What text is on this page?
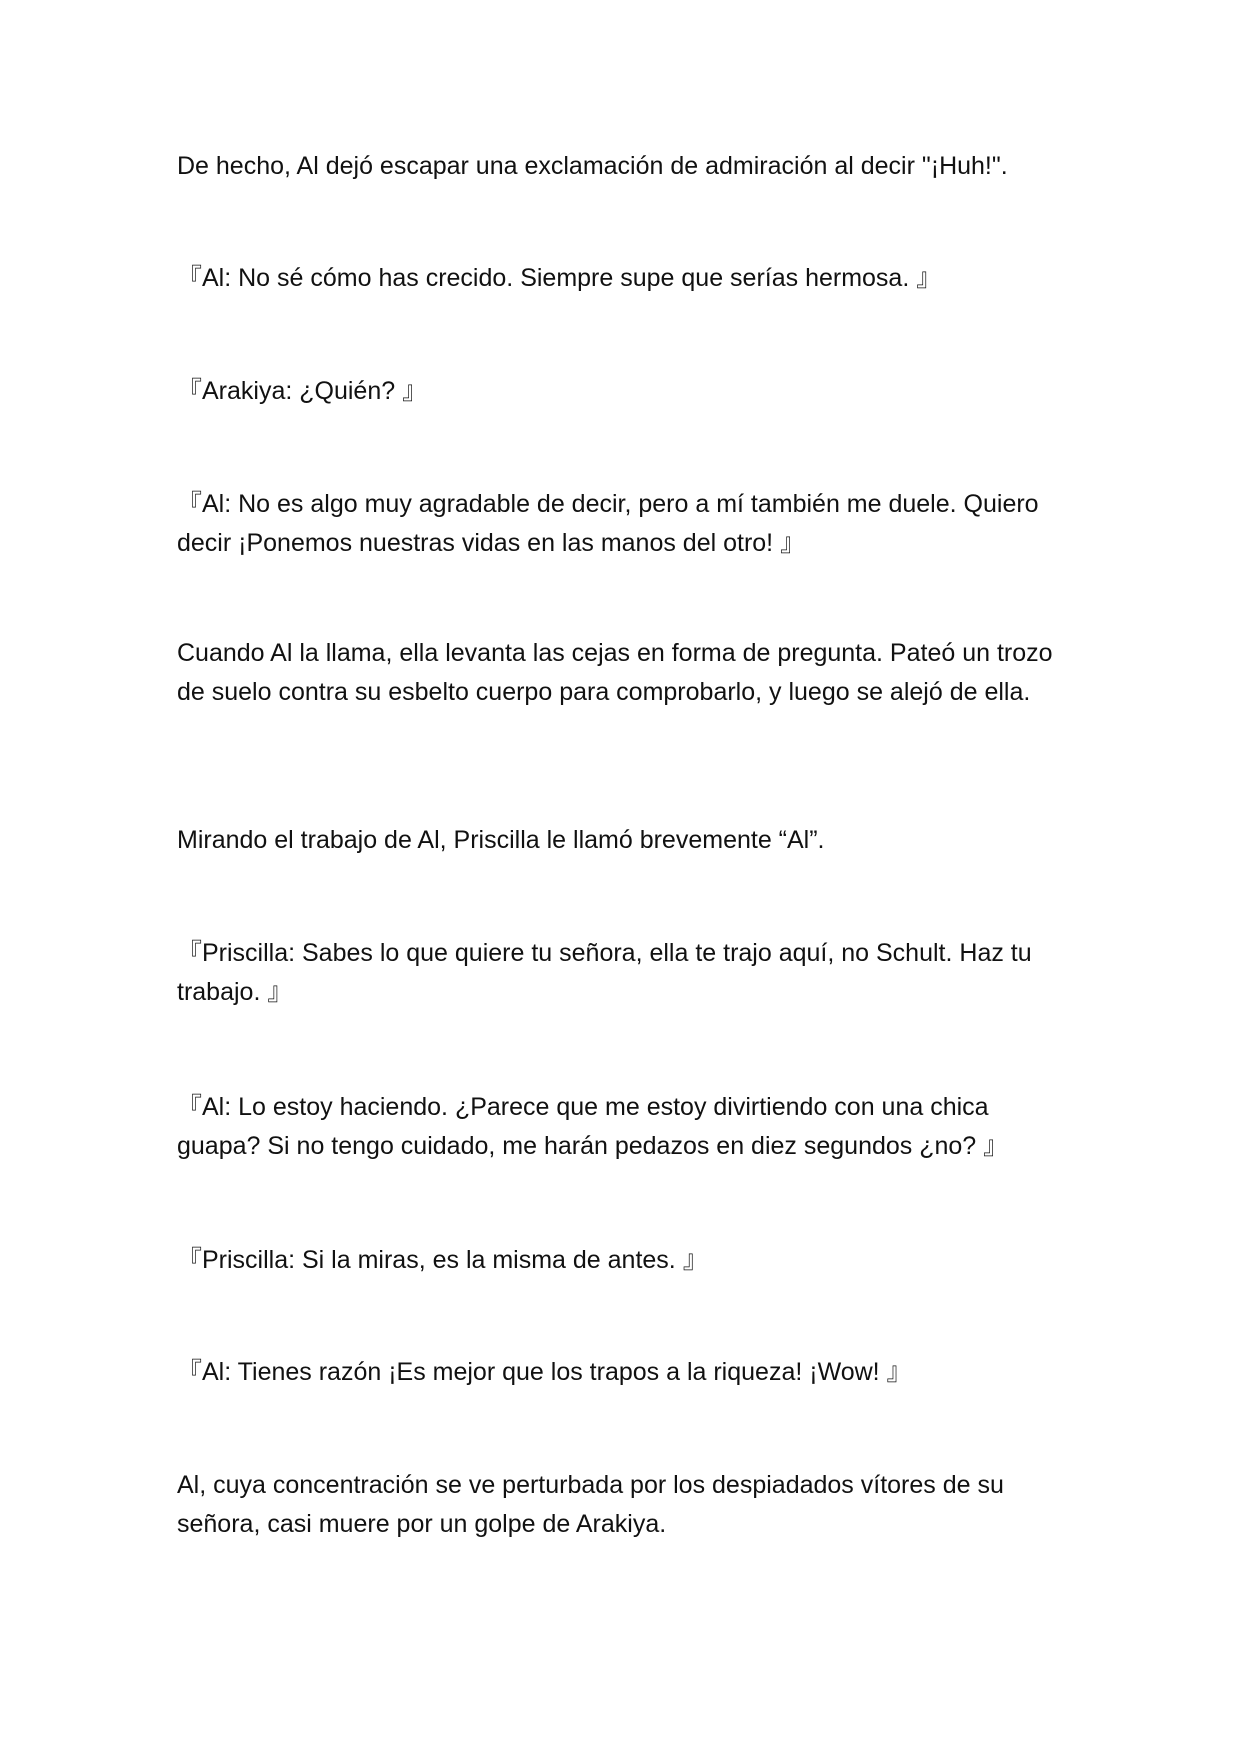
De hecho, Al dejó escapar una exclamación de admiración al decir "¡Huh!".

『Al: No sé cómo has crecido. Siempre supe que serías hermosa. 』

『Arakiya: ¿Quién? 』

『Al: No es algo muy agradable de decir, pero a mí también me duele. Quiero decir ¡Ponemos nuestras vidas en las manos del otro! 』

Cuando Al la llama, ella levanta las cejas en forma de pregunta. Pateó un trozo de suelo contra su esbelto cuerpo para comprobarlo, y luego se alejó de ella.

Mirando el trabajo de Al, Priscilla le llamó brevemente “Al”.

『Priscilla: Sabes lo que quiere tu señora, ella te trajo aquí, no Schult. Haz tu trabajo. 』

『Al: Lo estoy haciendo. ¿Parece que me estoy divirtiendo con una chica guapa? Si no tengo cuidado, me harán pedazos en diez segundos ¿no? 』

『Priscilla: Si la miras, es la misma de antes. 』

『Al: Tienes razón ¡Es mejor que los trapos a la riqueza! ¡Wow! 』

Al, cuya concentración se ve perturbada por los despiadados vítores de su señora, casi muere por un golpe de Arakiya.
